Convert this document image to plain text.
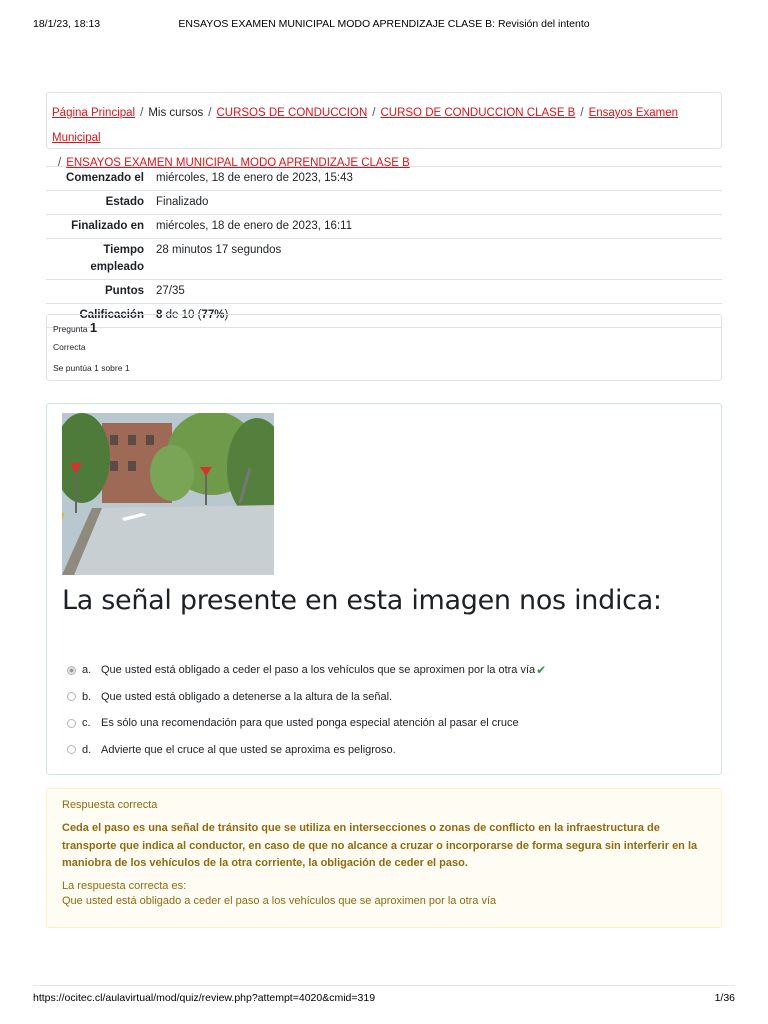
18/1/23, 18:13	ENSAYOS EXAMEN MUNICIPAL MODO APRENDIZAJE CLASE B: Revisión del intento
Página Principal / Mis cursos / CURSOS DE CONDUCCION / CURSO DE CONDUCCION CLASE B / Ensayos Examen Municipal
/ ENSAYOS EXAMEN MUNICIPAL MODO APRENDIZAJE CLASE B
Comenzado el	miércoles, 18 de enero de 2023, 15:43
Estado	Finalizado
Finalizado en	miércoles, 18 de enero de 2023, 16:11
Tiempo empleado	28 minutos 17 segundos
Puntos	27/35
Calificación	8 de 10 (77%)
Pregunta 1
Correcta
Se puntúa 1 sobre 1
La señal presente en esta imagen nos indica:
a. Que usted está obligado a ceder el paso a los vehículos que se aproximen por la otra vía ✔
b. Que usted está obligado a detenerse a la altura de la señal.
c. Es sólo una recomendación para que usted ponga especial atención al pasar el cruce
d. Advierte que el cruce al que usted se aproxima es peligroso.
Respuesta correcta
Ceda el paso es una señal de tránsito que se utiliza en intersecciones o zonas de conflicto en la infraestructura de transporte que indica al conductor, en caso de que no alcance a cruzar o incorporarse de forma segura sin interferir en la maniobra de los vehículos de la otra corriente, la obligación de ceder el paso.
La respuesta correcta es:
Que usted está obligado a ceder el paso a los vehículos que se aproximen por la otra vía
https://ocitec.cl/aulavirtual/mod/quiz/review.php?attempt=4020&cmid=319	1/36
